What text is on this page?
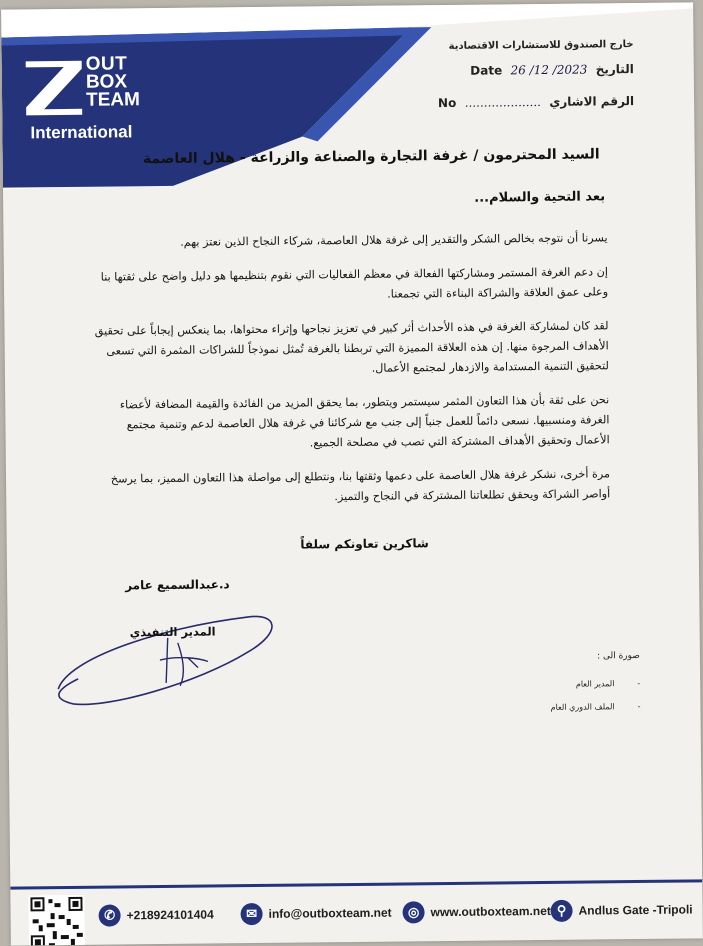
OUT
BOX
TEAM
International
خارج الصندوق للاستشارات الاقتصادية
التاريخ  26 /12 /2023  Date
الرقم الاشاري  ....................  No
السيد المحترمون / غرفة التجارة والصناعة والزراعة - هلال العاصمة
بعد التحية والسلام...

يسرنا أن نتوجه بخالص الشكر والتقدير إلى غرفة هلال العاصمة، شركاء النجاح الذين نعتز بهم.

إن دعم الغرفة المستمر ومشاركتها الفعالة في معظم الفعاليات التي نقوم بتنظيمها هو دليل واضح على ثقتها بنا وعلى عمق العلاقة والشراكة البناءة التي تجمعنا.

لقد كان لمشاركة الغرفة في هذه الأحداث أثر كبير في تعزيز نجاحها وإثراء محتواها، بما ينعكس إيجاباً على تحقيق الأهداف المرجوة منها. إن هذه العلاقة المميزة التي تربطنا بالغرفة تُمثل نموذجاً للشراكات المثمرة التي تسعى لتحقيق التنمية المستدامة والازدهار لمجتمع الأعمال.

نحن على ثقة بأن هذا التعاون المثمر سيستمر ويتطور، بما يحقق المزيد من الفائدة والقيمة المضافة لأعضاء الغرفة ومنسبيها. نسعى دائماً للعمل جنباً إلى جنب مع شركائنا في غرفة هلال العاصمة لدعم وتنمية مجتمع الأعمال وتحقيق الأهداف المشتركة التي تصب في مصلحة الجميع.

مرة أخرى، نشكر غرفة هلال العاصمة على دعمها وثقتها بنا، ونتطلع إلى مواصلة هذا التعاون المميز، بما يرسخ أواصر الشراكة ويحقق تطلعاتنا المشتركة في النجاح والتميز.

شاكرين تعاونكم سلفاً
د.عبدالسميع عامر
المدير التنفيذي
صورة الى :
-         المدير العام
-         الملف الدوري العام
✆ +218924101404	✉ info@outboxteam.net	◎ www.outboxteam.net ⚲	Andlus Gate -Tripoli
